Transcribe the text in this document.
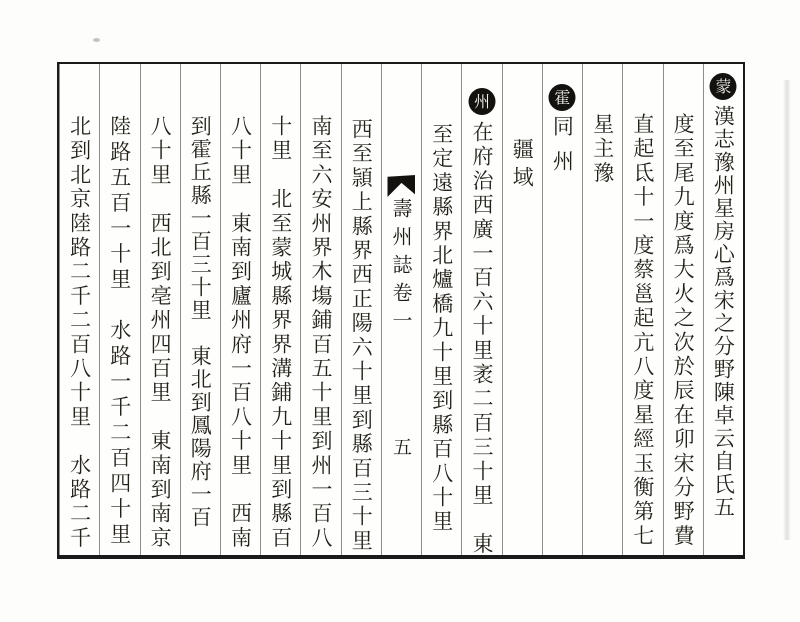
蒙
漢志豫州星房心爲宋之分野陳卓云自氏五
度至尾九度爲大火之次於辰在卯宋分野費
直起氐十一度蔡邕起亢八度星經玉衡第七
星主豫
霍
同州
疆域
州
在府治西廣一百六十里袤二百三十里　東
至定遠縣界北爐橋九十里到縣百八十里
壽州誌卷一
五
西至頴上縣界西正陽六十里到縣百三十里
南至六安州界木塲鋪百五十里到州一百八
十里　北至蒙城縣界界溝鋪九十里到縣百
八十里　東南到廬州府一百八十里　西南
到霍丘縣一百三十里　東北到鳳陽府一百
八十里　西北到亳州四百里　東南到南京
陸路五百一十里　水路一千二百四十里
北到北京陸路二千二百八十里　水路二千
